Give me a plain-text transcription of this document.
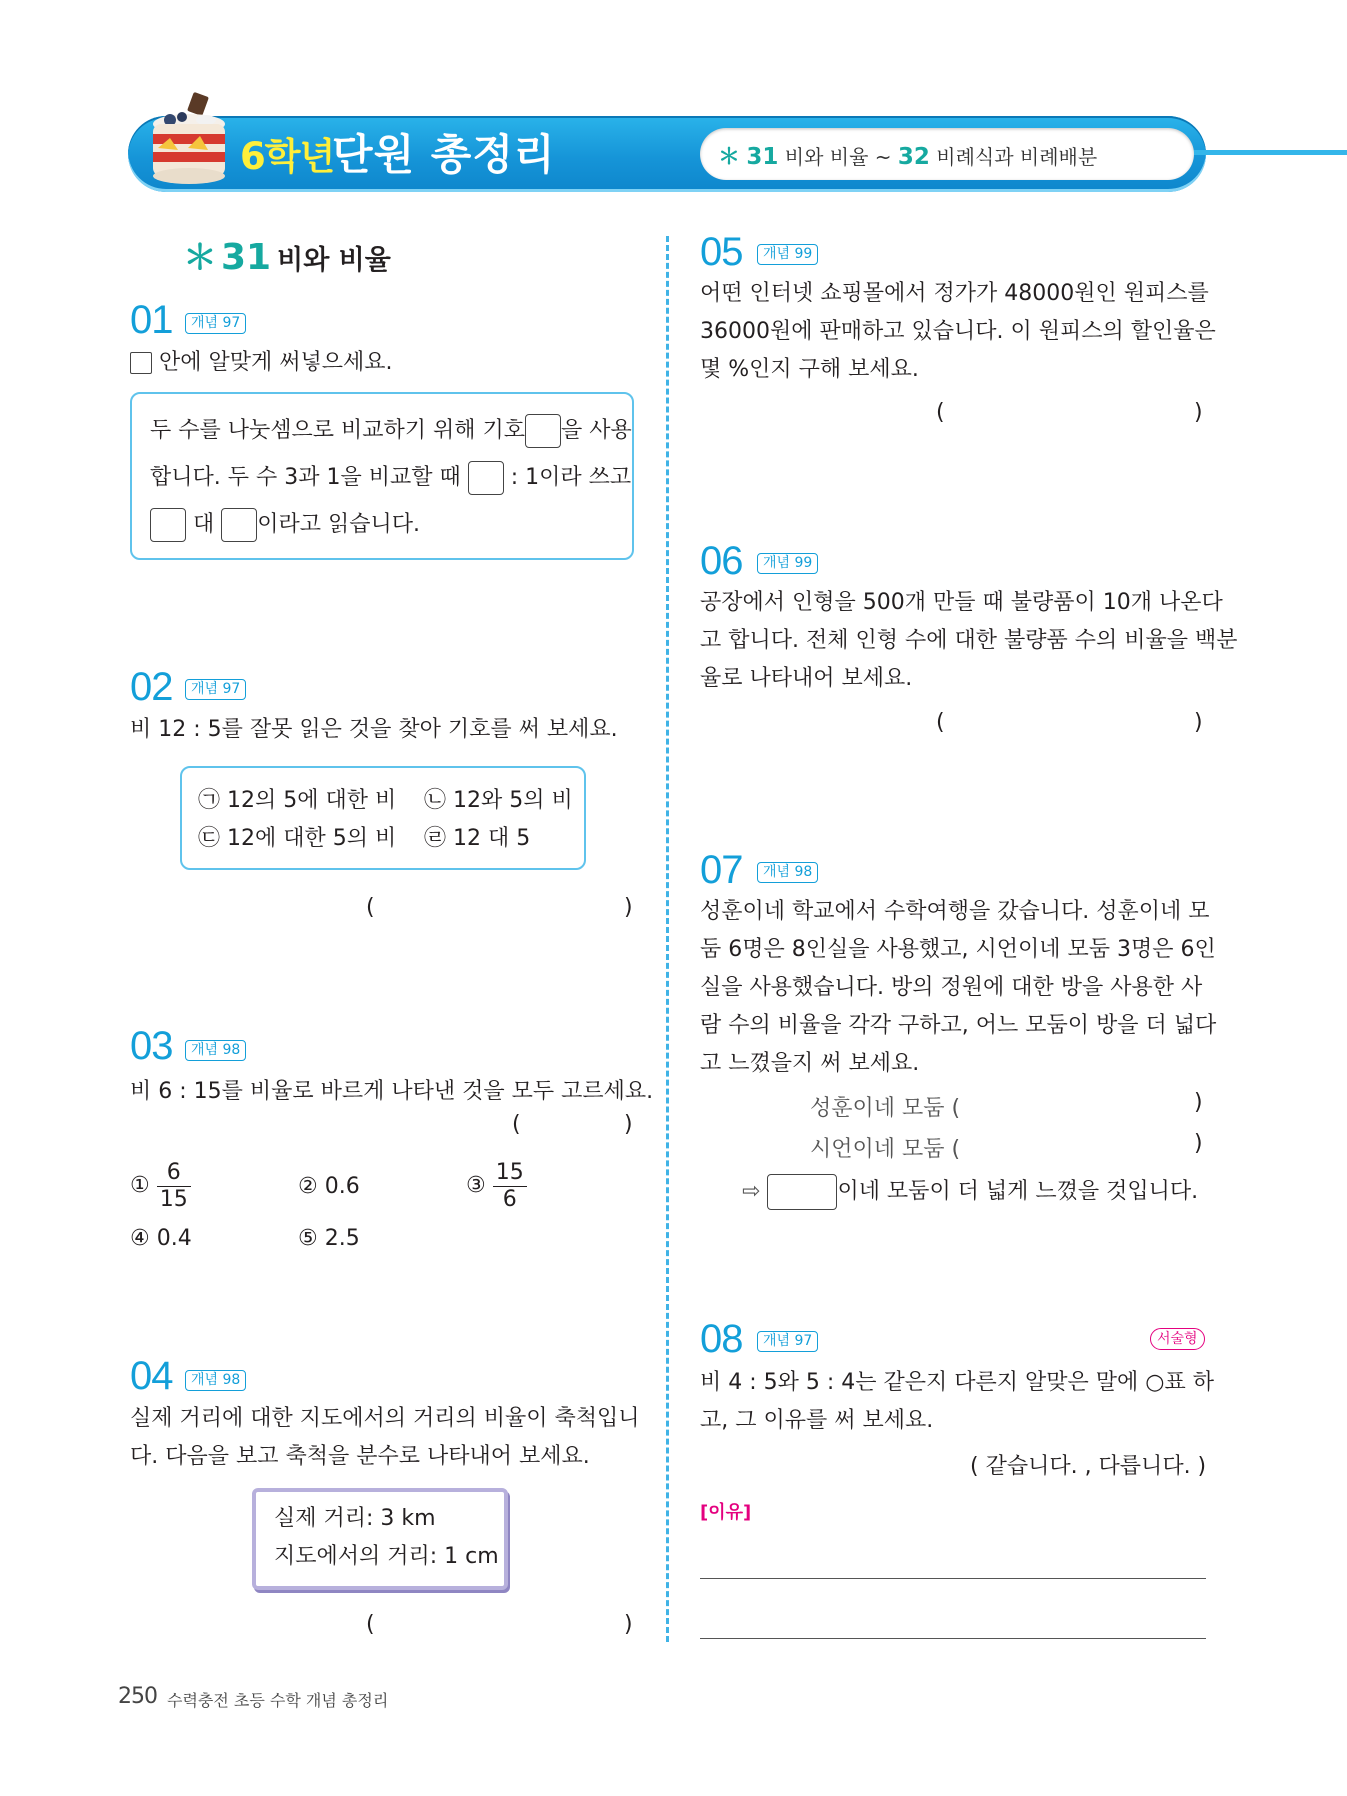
6학년
단원 총정리	＊ 31 비와 비율 ~ 32 비례식과 비례배분
＊ 31 비와 비율
01	개념 97
안에 알맞게 써넣으세요.
두 수를 나눗셈으로 비교하기 위해 기호 을 사용
합니다. 두 수 3과 1을 비교할 때 : 1이라 쓰고
대 이라고 읽습니다.
02	개념 97
비 12 : 5를 잘못 읽은 것을 찾아 기호를 써 보세요.
㉠ 12의 5에 대한 비 ㉡ 12와 5의 비
㉢ 12에 대한 5의 비 ㉣ 12 대 5
(	)
03	개념 98
비 6 : 15를 비율로 바르게 나타낸 것을 모두 고르세요.
(	)
① $\frac{6}{15}$	② 0.6	③ $\frac{15}{6}$
④ 0.4	⑤ 2.5
04	개념 98
실제 거리에 대한 지도에서의 거리의 비율이 축척입니
다. 다음을 보고 축척을 분수로 나타내어 보세요.
실제 거리: 3 km
지도에서의 거리: 1 cm
(	)
05	개념 99
어떤 인터넷 쇼핑몰에서 정가가 48000원인 원피스를
36000원에 판매하고 있습니다. 이 원피스의 할인율은
몇 %인지 구해 보세요.
(	)
06	개념 99
공장에서 인형을 500개 만들 때 불량품이 10개 나온다
고 합니다. 전체 인형 수에 대한 불량품 수의 비율을 백분
율로 나타내어 보세요.
(	)
07	개념 98
성훈이네 학교에서 수학여행을 갔습니다. 성훈이네 모
둠 6명은 8인실을 사용했고, 시언이네 모둠 3명은 6인
실을 사용했습니다. 방의 정원에 대한 방을 사용한 사
람 수의 비율을 각각 구하고, 어느 모둠이 방을 더 넓다
고 느꼈을지 써 보세요.
성훈이네 모둠 (	)
시언이네 모둠 (	)
⇨	이네 모둠이 더 넓게 느꼈을 것입니다.
08	개념 97	서술형
비 4 : 5와 5 : 4는 같은지 다른지 알맞은 말에 ○표 하
고, 그 이유를 써 보세요.
( 같습니다. , 다릅니다. )
[이유]
250 수력충전 초등 수학 개념 총정리
